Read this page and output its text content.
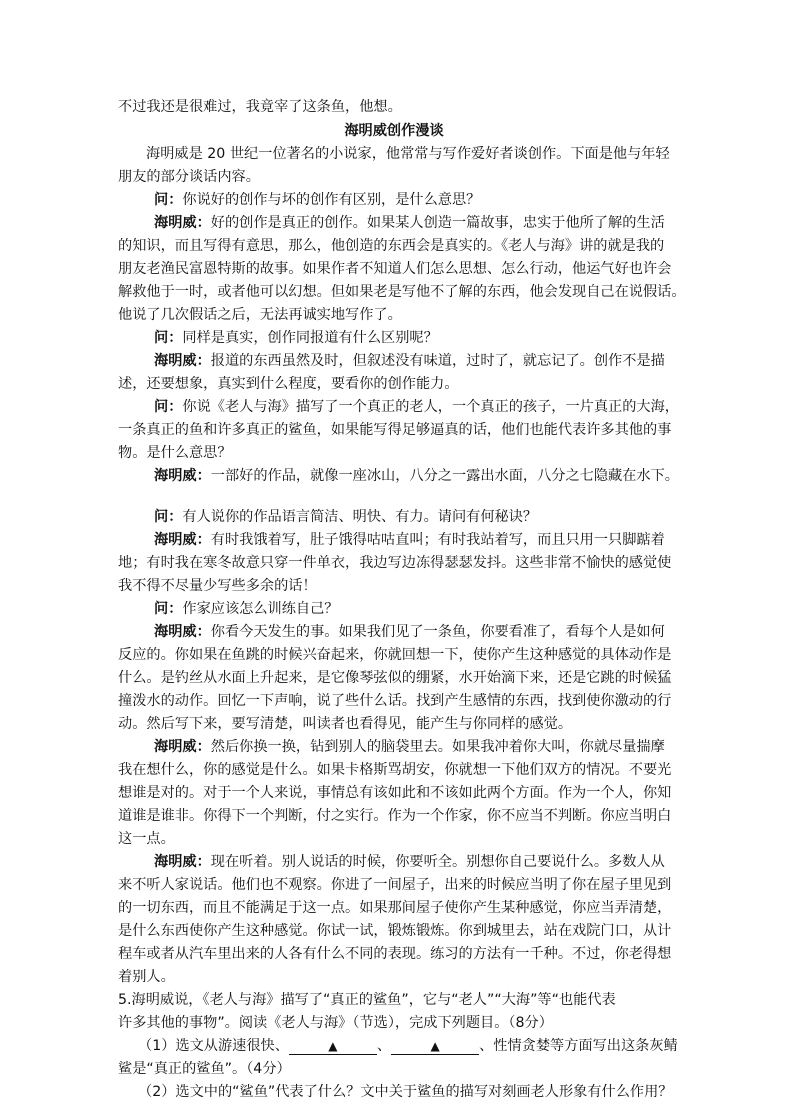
不过我还是很难过，我竟宰了这条鱼，他想。
海明威创作漫谈
海明威是 20 世纪一位著名的小说家，他常常与写作爱好者谈创作。下面是他与年轻
朋友的部分谈话内容。
问：你说好的创作与坏的创作有区别，是什么意思？
海明威：好的创作是真正的创作。如果某人创造一篇故事，忠实于他所了解的生活
的知识，而且写得有意思，那么，他创造的东西会是真实的。《老人与海》讲的就是我的
朋友老渔民富恩特斯的故事。如果作者不知道人们怎么思想、怎么行动，他运气好也许会
解救他于一时，或者他可以幻想。但如果老是写他不了解的东西，他会发现自己在说假话。
他说了几次假话之后，无法再诚实地写作了。
问：同样是真实，创作同报道有什么区别呢？
海明威：报道的东西虽然及时，但叙述没有味道，过时了，就忘记了。创作不是描
述，还要想象，真实到什么程度，要看你的创作能力。
问：你说《老人与海》描写了一个真正的老人，一个真正的孩子，一片真正的大海，
一条真正的鱼和许多真正的鲨鱼，如果能写得足够逼真的话，他们也能代表许多其他的事
物。是什么意思？
海明威：一部好的作品，就像一座冰山，八分之一露出水面，八分之七隐藏在水下。
问：有人说你的作品语言简洁、明快、有力。请问有何秘诀？
海明威：有时我饿着写，肚子饿得咕咕直叫；有时我站着写，而且只用一只脚踮着
地；有时我在寒冬故意只穿一件单衣，我边写边冻得瑟瑟发抖。这些非常不愉快的感觉使
我不得不尽量少写些多余的话！
问：作家应该怎么训练自己？
海明威：你看今天发生的事。如果我们见了一条鱼，你要看准了，看每个人是如何
反应的。你如果在鱼跳的时候兴奋起来，你就回想一下，使你产生这种感觉的具体动作是
什么。是钓丝从水面上升起来，是它像琴弦似的绷紧，水开始滴下来，还是它跳的时候猛
撞泼水的动作。回忆一下声响，说了些什么话。找到产生感情的东西，找到使你激动的行
动。然后写下来，要写清楚，叫读者也看得见，能产生与你同样的感觉。
海明威：然后你换一换，钻到别人的脑袋里去。如果我冲着你大叫，你就尽量揣摩
我在想什么，你的感觉是什么。如果卡格斯骂胡安，你就想一下他们双方的情况。不要光
想谁是对的。对于一个人来说，事情总有该如此和不该如此两个方面。作为一个人，你知
道谁是谁非。你得下一个判断，付之实行。作为一个作家，你不应当不判断。你应当明白
这一点。
海明威：现在听着。别人说话的时候，你要听全。别想你自己要说什么。多数人从
来不听人家说话。他们也不观察。你进了一间屋子，出来的时候应当明了你在屋子里见到
的一切东西，而且不能满足于这一点。如果那间屋子使你产生某种感觉，你应当弄清楚，
是什么东西使你产生这种感觉。你试一试，锻炼锻炼。你到城里去，站在戏院门口，从计
程车或者从汽车里出来的人各有什么不同的表现。练习的方法有一千种。不过，你老得想
着别人。
5.海明威说，《老人与海》描写了“真正的鲨鱼”，它与“老人”“大海”等“也能代表
许多其他的事物”。阅读《老人与海》（节选），完成下列题目。（8分）
（1）选文从游速很快、	▲	、	▲	、性情贪婪等方面写出这条灰鲭
鲨是“真正的鲨鱼”。（4分）
（2）选文中的“鲨鱼”代表了什么？文中关于鲨鱼的描写对刻画老人形象有什么作用？
